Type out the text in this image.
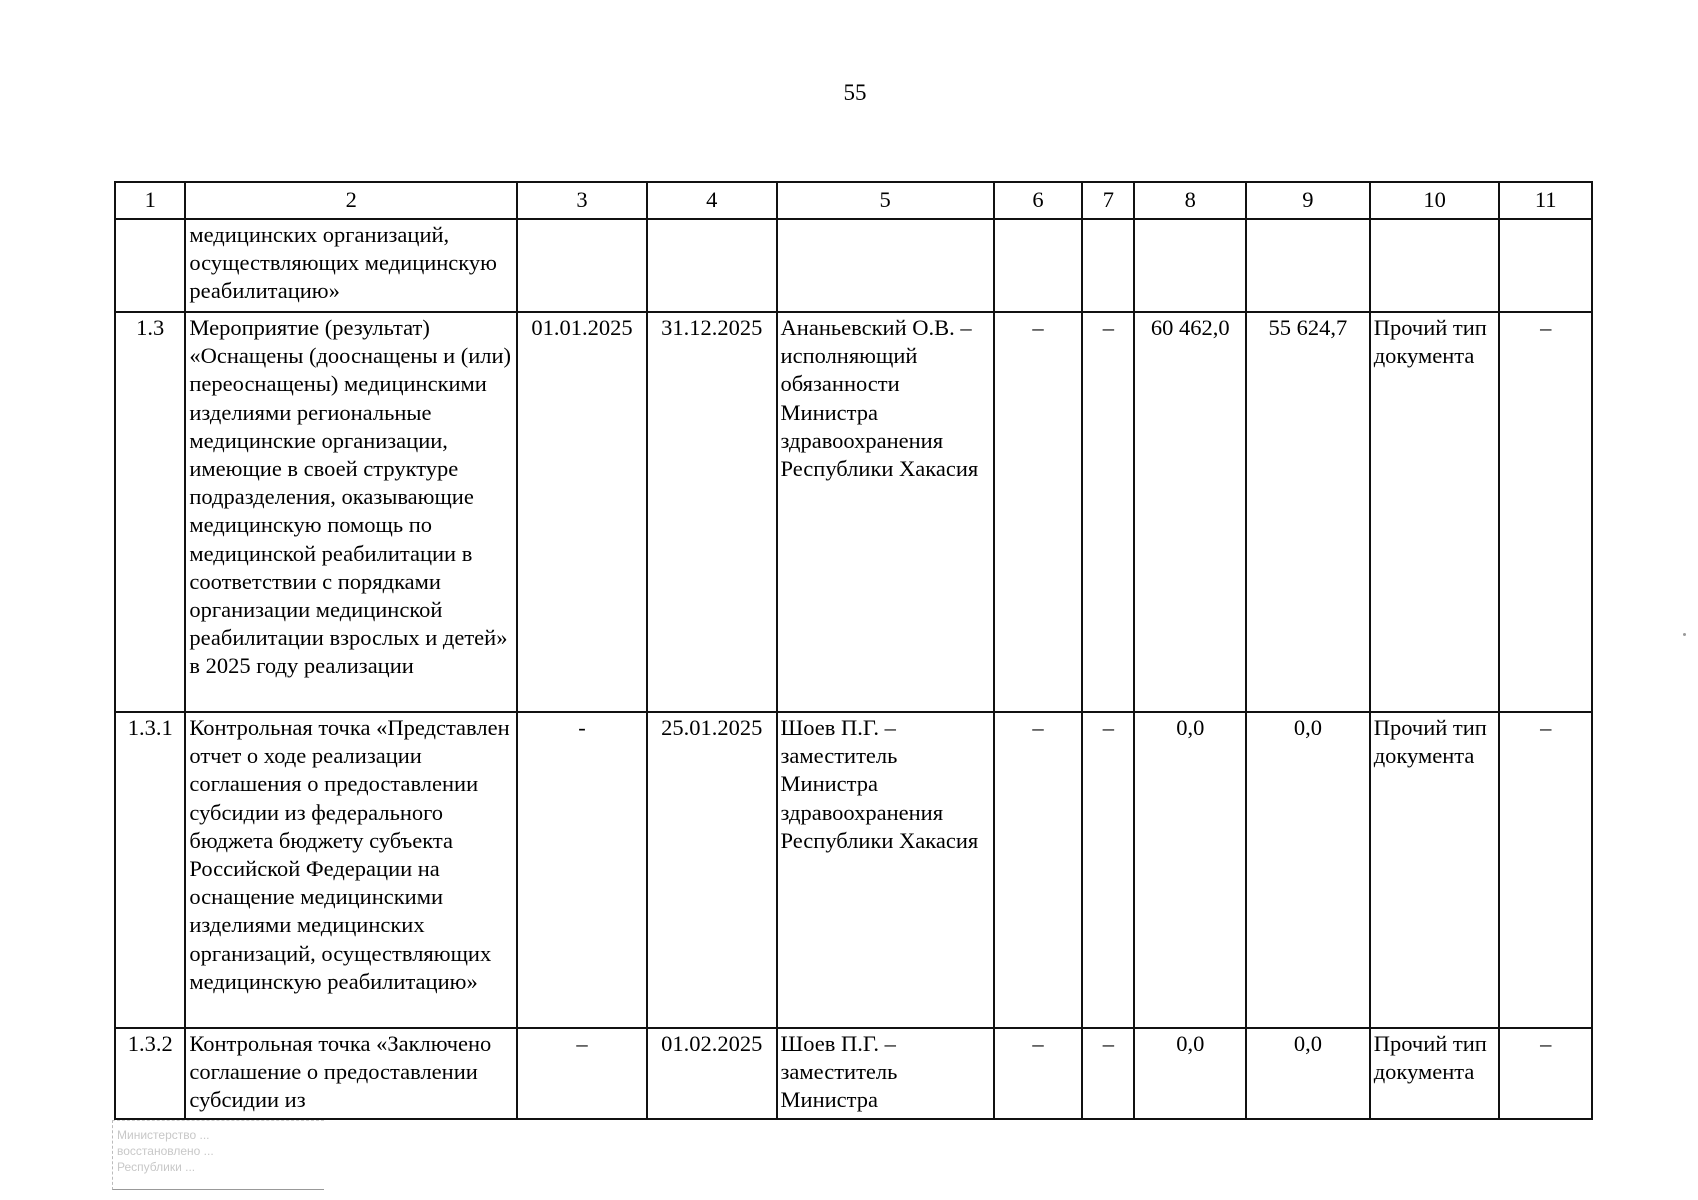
55
1	2	3	4	5	6	7	8	9	10	11
	медицинских организаций, осуществляющих медицинскую реабилитацию»									
1.3	Мероприятие (результат) «Оснащены (дооснащены и (или) переоснащены) медицинскими изделиями региональные медицинские организации, имеющие в своей структуре подразделения, оказывающие медицинскую помощь по медицинской реабилитации в соответствии с порядками организации медицинской реабилитации взрослых и детей» в 2025 году реализации	01.01.2025	31.12.2025	Ананьевский О.В. – исполняющий обязанности Министра здравоохранения Республики Хакасия	–	–	60 462,0	55 624,7	Прочий тип документа	–
1.3.1	Контрольная точка «Представлен отчет о ходе реализации соглашения о предоставлении субсидии из федерального бюджета бюджету субъекта Российской Федерации на оснащение медицинскими изделиями медицинских организаций, осуществляющих медицинскую реабилитацию»	-	25.01.2025	Шоев П.Г. – заместитель Министра здравоохранения Республики Хакасия	–	–	0,0	0,0	Прочий тип документа	–
1.3.2	Контрольная точка «Заключено соглашение о предоставлении субсидии из	–	01.02.2025	Шоев П.Г. – заместитель Министра	–	–	0,0	0,0	Прочий тип документа	–
Министерство ...
восстановлено ...
Республики ...
